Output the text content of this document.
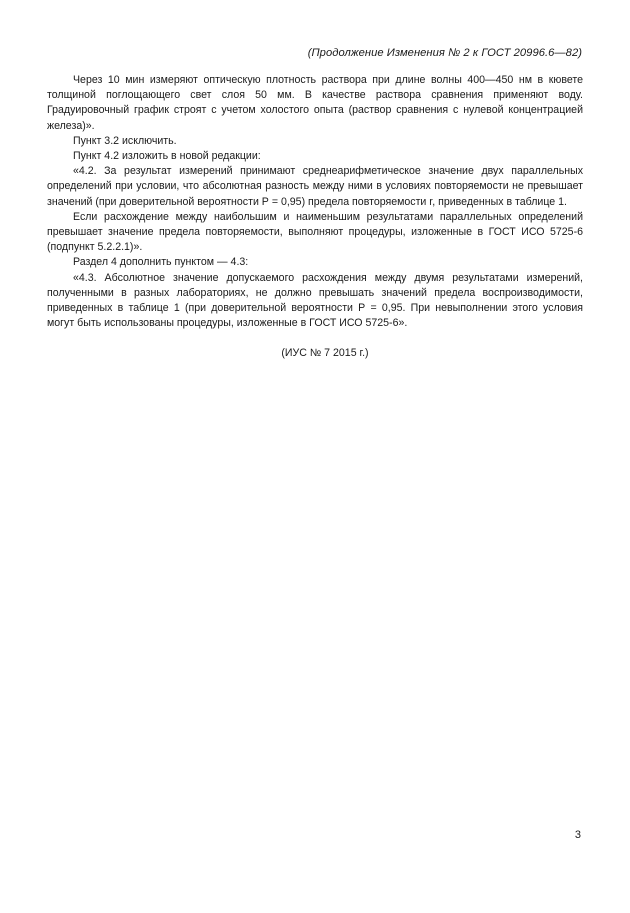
(Продолжение Изменения № 2 к ГОСТ 20996.6—82)

Через 10 мин измеряют оптическую плотность раствора при длине волны 400—450 нм в кювете толщиной поглощающего свет слоя 50 мм. В качестве раствора сравнения применяют воду. Градуировочный график строят с учетом холостого опыта (раствор сравнения с нулевой концентрацией железа)».

Пункт 3.2 исключить.

Пункт 4.2 изложить в новой редакции:

«4.2. За результат измерений принимают среднеарифметическое значение двух параллельных определений при условии, что абсолютная разность между ними в условиях повторяемости не превышает значений (при доверительной вероятности Р = 0,95) предела повторяемости r, приведенных в таблице 1.

Если расхождение между наибольшим и наименьшим результатами параллельных определений превышает значение предела повторяемости, выполняют процедуры, изложенные в ГОСТ ИСО 5725-6 (подпункт 5.2.2.1)».

Раздел 4 дополнить пунктом — 4.3:

«4.3. Абсолютное значение допускаемого расхождения между двумя результатами измерений, полученными в разных лабораториях, не должно превышать значений предела воспроизводимости, приведенных в таблице 1 (при доверительной вероятности Р = 0,95. При невыполнении этого условия могут быть использованы процедуры, изложенные в ГОСТ ИСО 5725-6».

(ИУС № 7 2015 г.)

3
